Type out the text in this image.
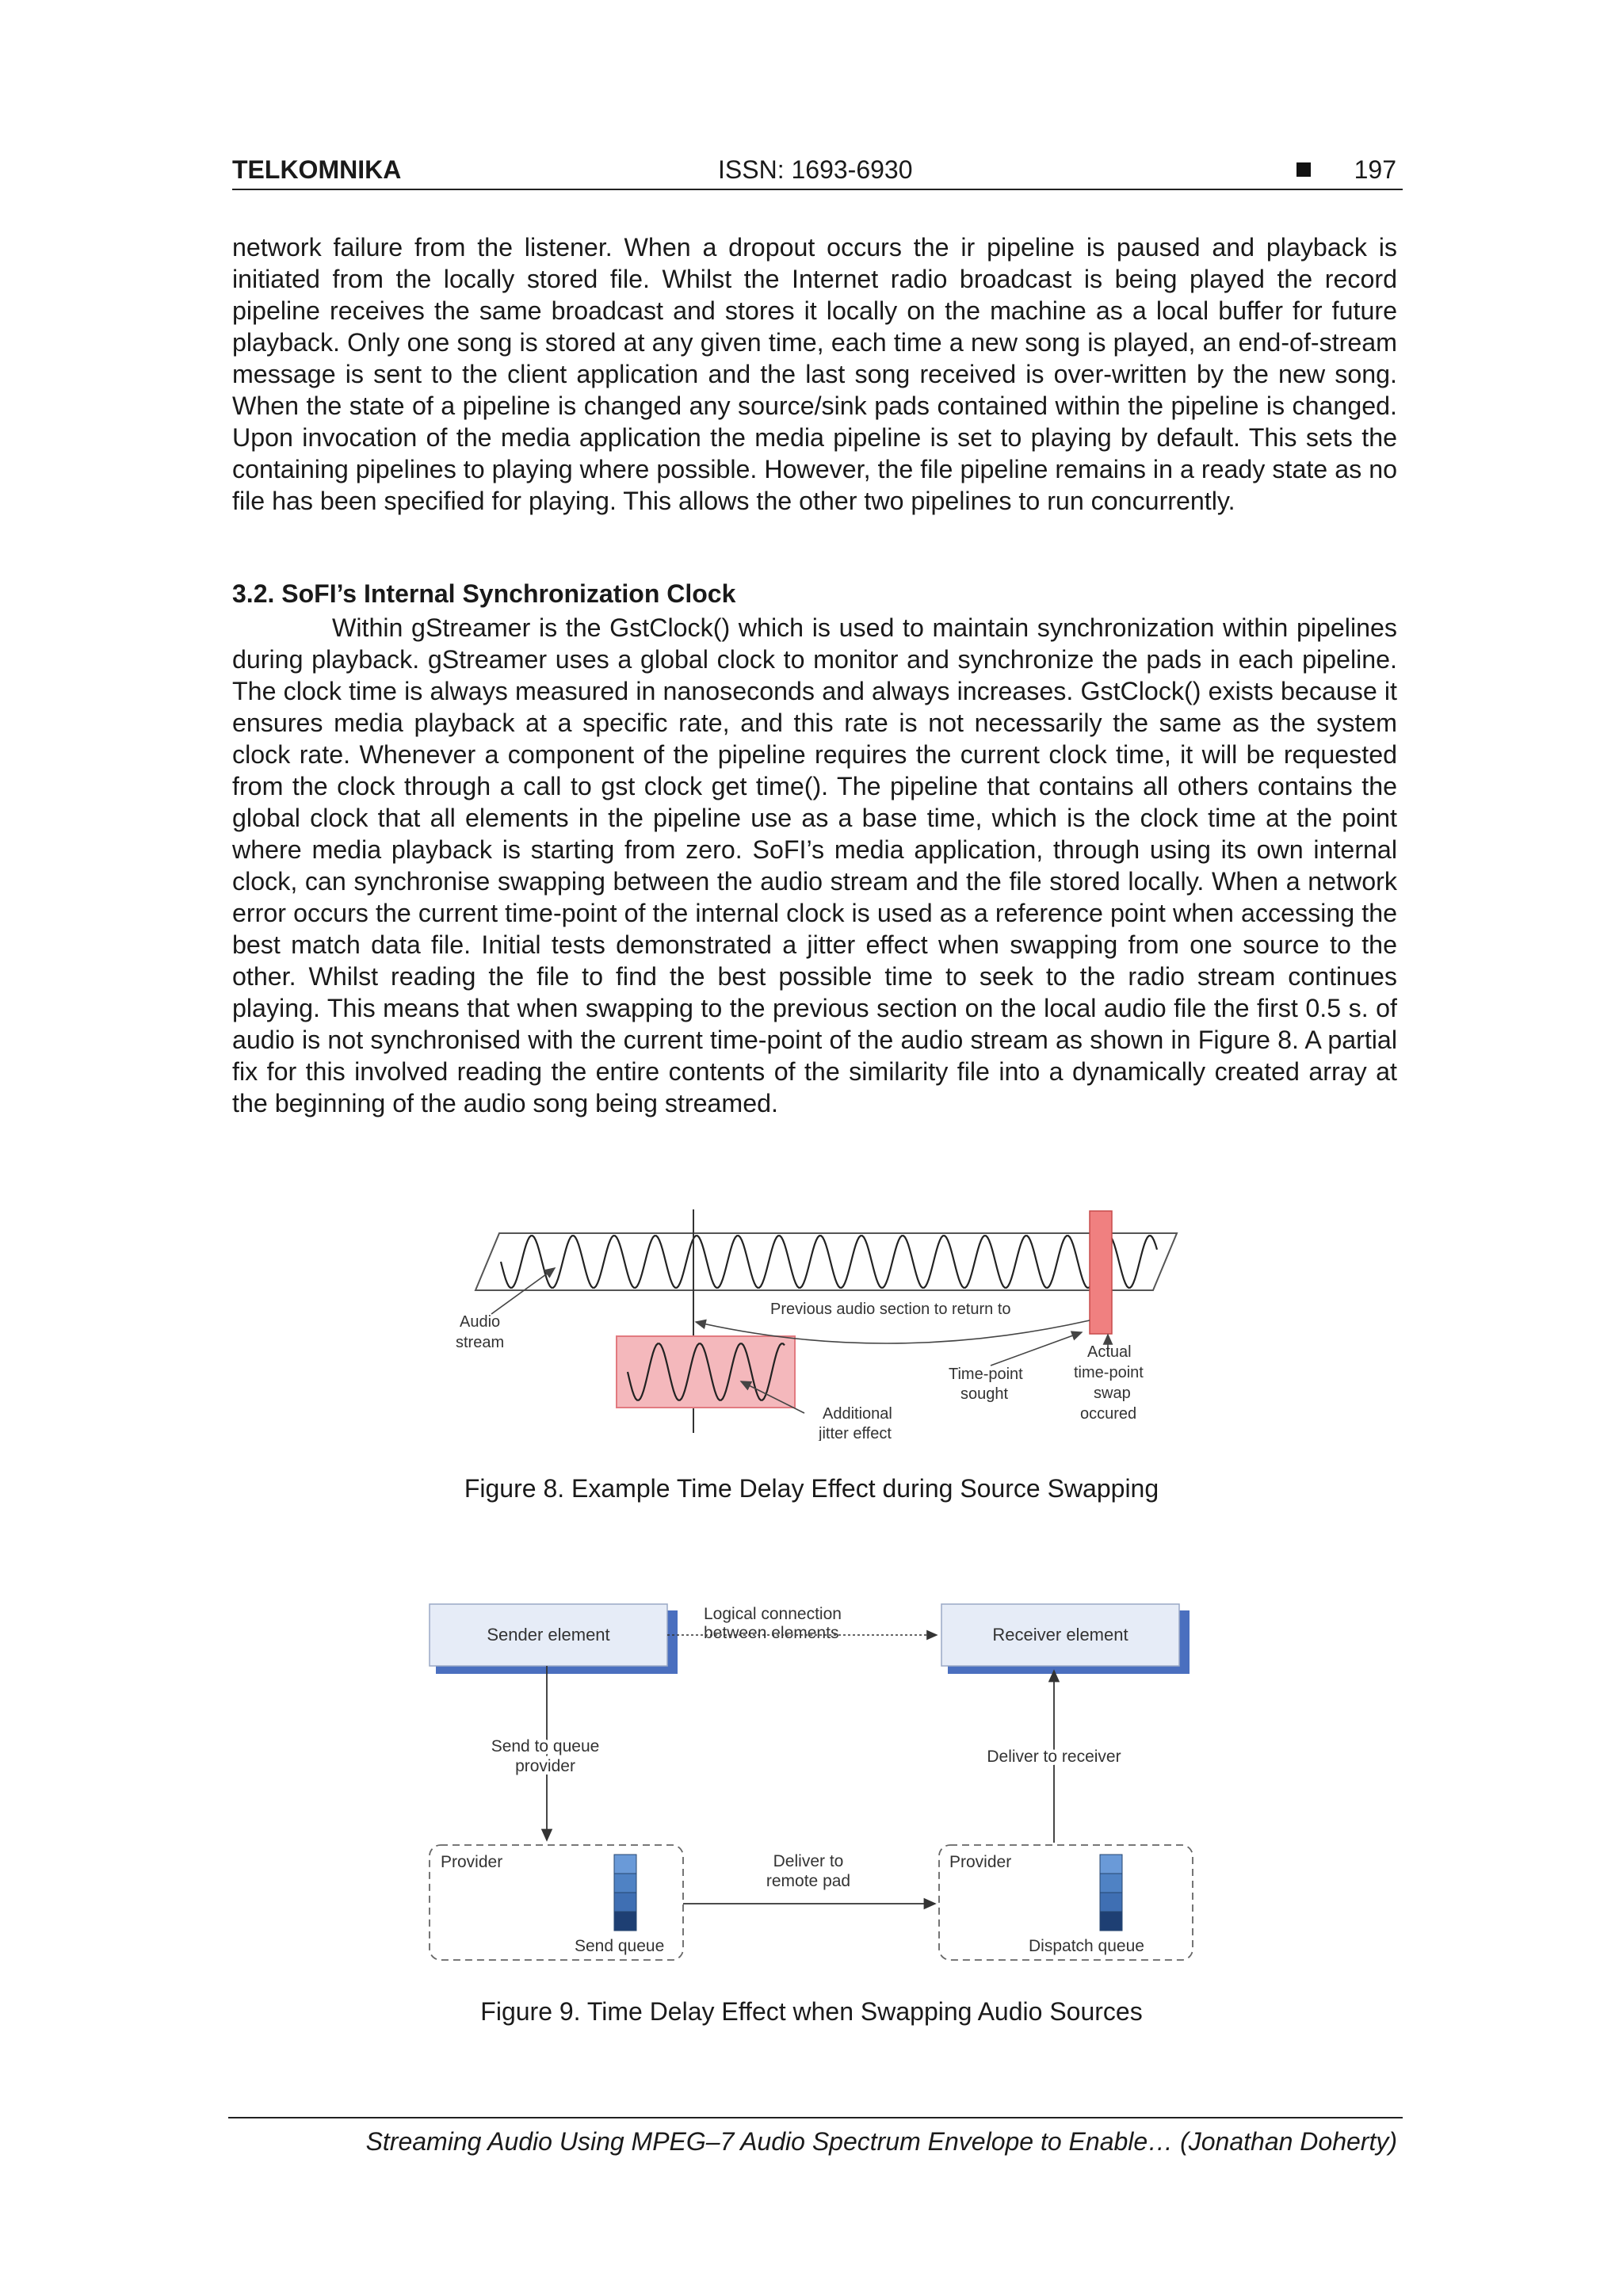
TELKOMNIKA	ISSN: 1693-6930	197

network failure from the listener. When a dropout occurs the ir pipeline is paused and playback is initiated from the locally stored file. Whilst the Internet radio broadcast is being played the record pipeline receives the same broadcast and stores it locally on the machine as a local buffer for future playback. Only one song is stored at any given time, each time a new song is played, an end-of-stream message is sent to the client application and the last song received is over-written by the new song. When the state of a pipeline is changed any source/sink pads contained within the pipeline is changed. Upon invocation of the media application the media pipeline is set to playing by default. This sets the containing pipelines to playing where possible. However, the file pipeline remains in a ready state as no file has been specified for playing. This allows the other two pipelines to run concurrently.

3.2. SoFI’s Internal Synchronization Clock

Within gStreamer is the GstClock() which is used to maintain synchronization within pipelines during playback. gStreamer uses a global clock to monitor and synchronize the pads in each pipeline. The clock time is always measured in nanoseconds and always increases. GstClock() exists because it ensures media playback at a specific rate, and this rate is not necessarily the same as the system clock rate. Whenever a component of the pipeline requires the current clock time, it will be requested from the clock through a call to gst clock get time(). The pipeline that contains all others contains the global clock that all elements in the pipeline use as a base time, which is the clock time at the point where media playback is starting from zero. SoFI’s media application, through using its own internal clock, can synchronise swapping between the audio stream and the file stored locally. When a network error occurs the current time-point of the internal clock is used as a reference point when accessing the best match data file. Initial tests demonstrated a jitter effect when swapping from one source to the other. Whilst reading the file to find the best possible time to seek to the radio stream continues playing. This means that when swapping to the previous section on the local audio file the first 0.5 s. of audio is not synchronised with the current time-point of the audio stream as shown in Figure 8. A partial fix for this involved reading the entire contents of the similarity file into a dynamically created array at the beginning of the audio song being streamed.

Audio
stream
Previous audio section to return to
Time-point
sought
Actual
time-point
swap
occured
Additional
jitter effect

Figure 8. Example Time Delay Effect during Source Swapping

Sender element	Receiver element
Logical connection
between elements
Send to queue
provider
Deliver to receiver
Provider	Provider
Send queue	Dispatch queue
Deliver to
remote pad

Figure 9. Time Delay Effect when Swapping Audio Sources

Streaming Audio Using MPEG–7 Audio Spectrum Envelope to Enable… (Jonathan Doherty)
